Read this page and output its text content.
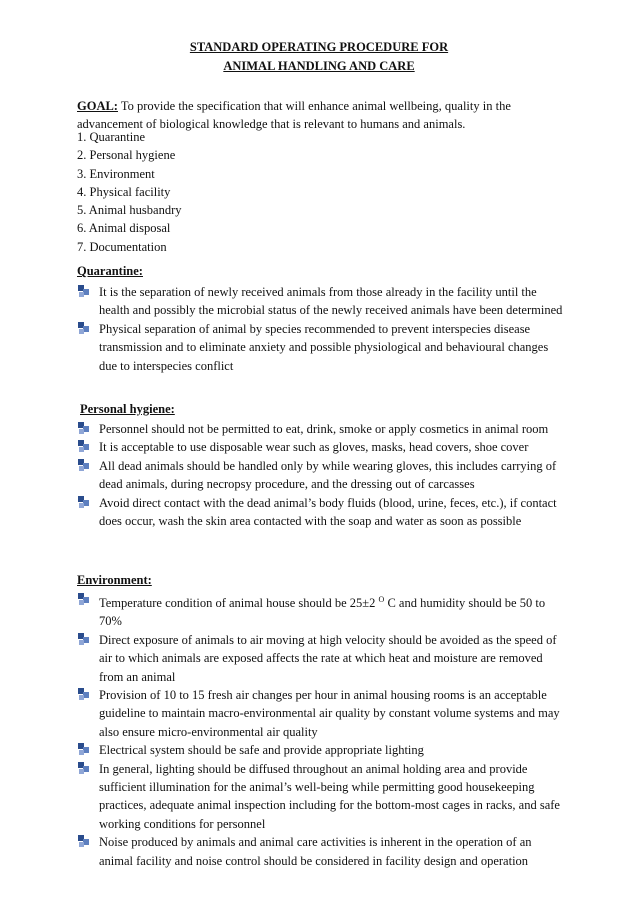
STANDARD OPERATING PROCEDURE FOR
ANIMAL HANDLING AND CARE
GOAL: To provide the specification that will enhance animal wellbeing, quality in the advancement of biological knowledge that is relevant to humans and animals.
1. Quarantine
2. Personal hygiene
3. Environment
4. Physical facility
5. Animal husbandry
6. Animal disposal
7. Documentation
Quarantine:
It is the separation of newly received animals from those already in the facility until the health and possibly the microbial status of the newly received animals have been determined
Physical separation of animal by species recommended to prevent interspecies disease transmission and to eliminate anxiety and possible physiological and behavioural changes due to interspecies conflict
Personal hygiene:
Personnel should not be permitted to eat, drink, smoke or apply cosmetics in animal room
It is acceptable to use disposable wear such as gloves, masks, head covers, shoe cover
All dead animals should be handled only by while wearing gloves, this includes carrying of dead animals, during necropsy procedure, and the dressing out of carcasses
Avoid direct contact with the dead animal’s body fluids (blood, urine, feces, etc.), if contact does occur, wash the skin area contacted with the soap and water as soon as possible
Environment:
Temperature condition of animal house should be 25±2 $^O$ C and humidity should be 50 to 70%
Direct exposure of animals to air moving at high velocity should be avoided as the speed of air to which animals are exposed affects the rate at which heat and moisture are removed from an animal
Provision of 10 to 15 fresh air changes per hour in animal housing rooms is an acceptable guideline to maintain macro-environmental air quality by constant volume systems and may also ensure micro-environmental air quality
Electrical system should be safe and provide appropriate lighting
In general, lighting should be diffused throughout an animal holding area and provide sufficient illumination for the animal’s well-being while permitting good housekeeping practices, adequate animal inspection including for the bottom-most cages in racks, and safe working conditions for personnel
Noise produced by animals and animal care activities is inherent in the operation of an animal facility and noise control should be considered in facility design and operation
